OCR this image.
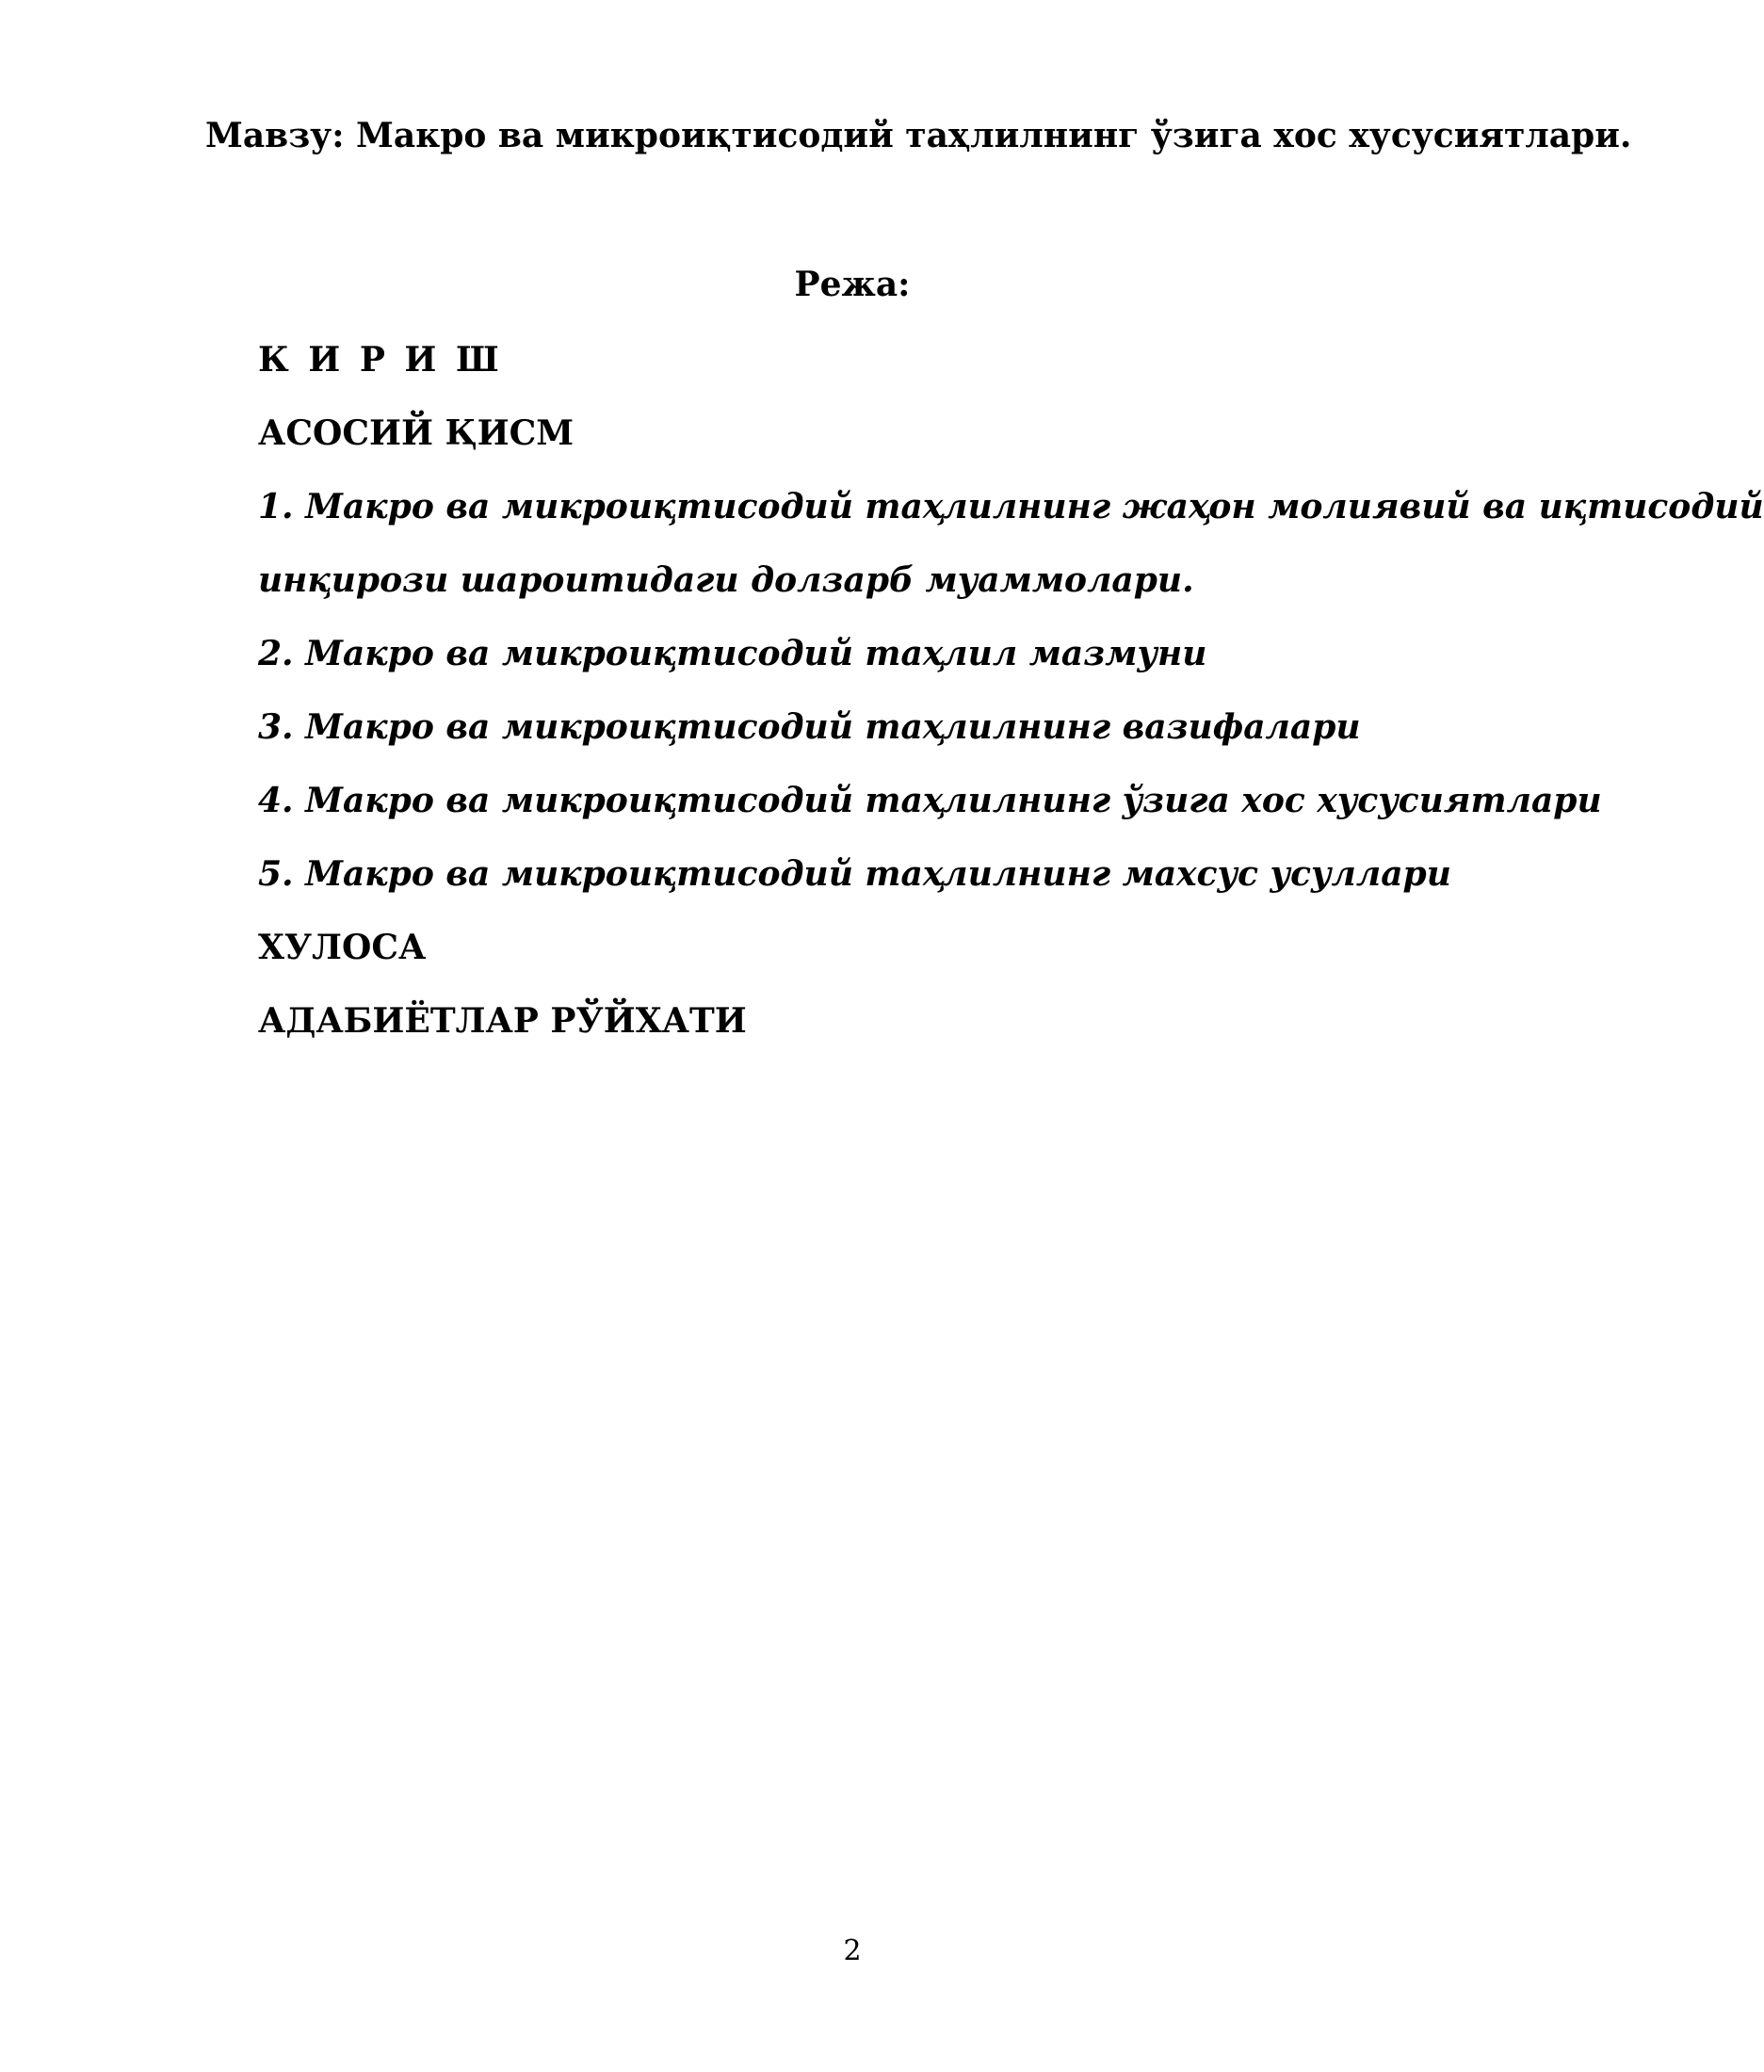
Мавзу: Макро ва микроиқтисодий таҳлилнинг ўзига хос хусусиятлари.
Режа:
К И Р И Ш
АСОСИЙ ҚИСМ
1. Макро ва микроиқтисодий таҳлилнинг жаҳон молиявий ва иқтисодий
инқирози шароитидаги долзарб муаммолари.
2. Макро ва микроиқтисодий таҳлил мазмуни
3. Макро ва микроиқтисодий таҳлилнинг вазифалари
4. Макро ва микроиқтисодий таҳлилнинг ўзига хос хусусиятлари
5. Макро ва микроиқтисодий таҳлилнинг махсус усуллари
ХУЛОСА
АДАБИЁТЛАР РЎЙХАТИ
2
